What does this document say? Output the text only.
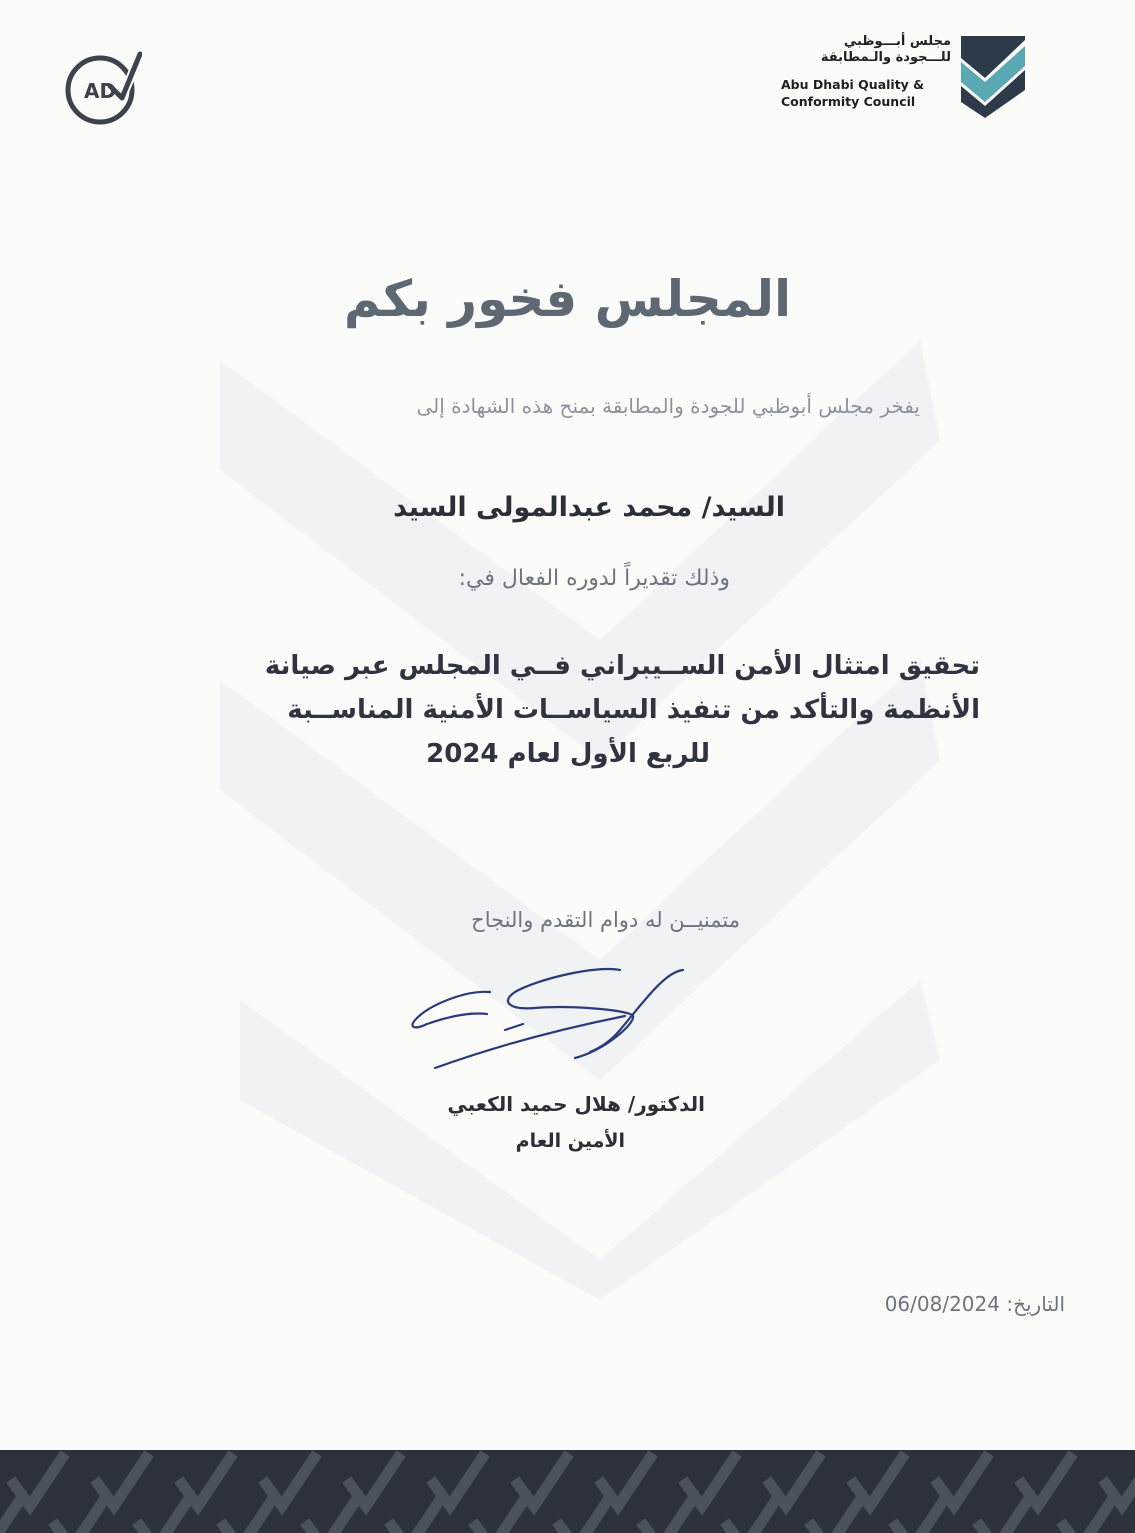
AD
مجلس أبـــوظبي
للـــجودة والـمطابقة
Abu Dhabi Quality &
Conformity Council
المجلس فخور بكم
يفخر مجلس أبوظبي للجودة والمطابقة بمنح هذه الشهادة إلى
السيد/ محمد عبدالمولى السيد
وذلك تقديراً لدوره الفعال في:
تحقيق امتثال الأمن الســيبراني فــي المجلس عبر صيانة
الأنظمة والتأكد من تنفيذ السياســات الأمنية المناســبة
للربع الأول لعام 2024
متمنيــن له دوام التقدم والنجاح
الدكتور/ هلال حميد الكعبي
الأمين العام
التاريخ: 06/08/2024
